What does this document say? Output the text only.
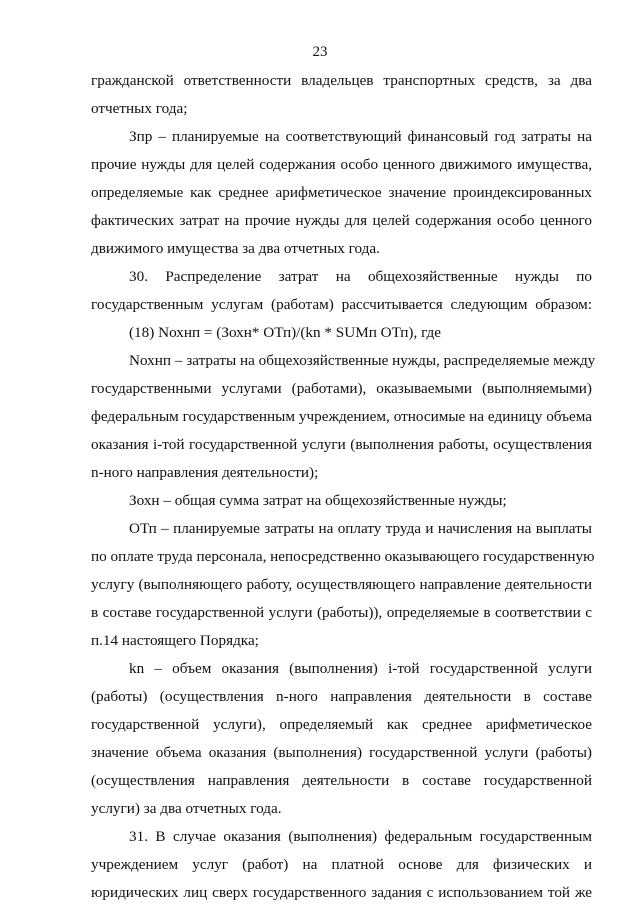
23
гражданской ответственности владельцев транспортных средств, за два
отчетных года;
Зпр – планируемые на соответствующий финансовый год затраты на
прочие нужды для целей содержания особо ценного движимого имущества,
определяемые как среднее арифметическое значение проиндексированных
фактических затрат на прочие нужды для целей содержания особо ценного
движимого имущества за два отчетных года.
30. Распределение затрат на общехозяйственные нужды по
государственным услугам (работам) рассчитывается следующим образом:
(18) Nохнп = (Зохн* ОТп)/(kn * SUMп ОТп), где
Nохнп – затраты на общехозяйственные нужды, распределяемые между
государственными услугами (работами), оказываемыми (выполняемыми)
федеральным государственным учреждением, относимые на единицу объема
оказания i-той государственной услуги (выполнения работы, осуществления
n-ного направления деятельности);
Зохн – общая сумма затрат на общехозяйственные нужды;
ОТп – планируемые затраты на оплату труда и начисления на выплаты
по оплате труда персонала, непосредственно оказывающего государственную
услугу (выполняющего работу, осуществляющего направление деятельности
в составе государственной услуги (работы)), определяемые в соответствии с
п.14 настоящего Порядка;
kn – объем оказания (выполнения) i-той государственной услуги
(работы) (осуществления n-ного направления деятельности в составе
государственной услуги), определяемый как среднее арифметическое
значение объема оказания (выполнения) государственной услуги (работы)
(осуществления направления деятельности в составе государственной
услуги) за два отчетных года.
31. В случае оказания (выполнения) федеральным государственным
учреждением услуг (работ) на платной основе для физических и
юридических лиц сверх государственного задания с использованием той же
